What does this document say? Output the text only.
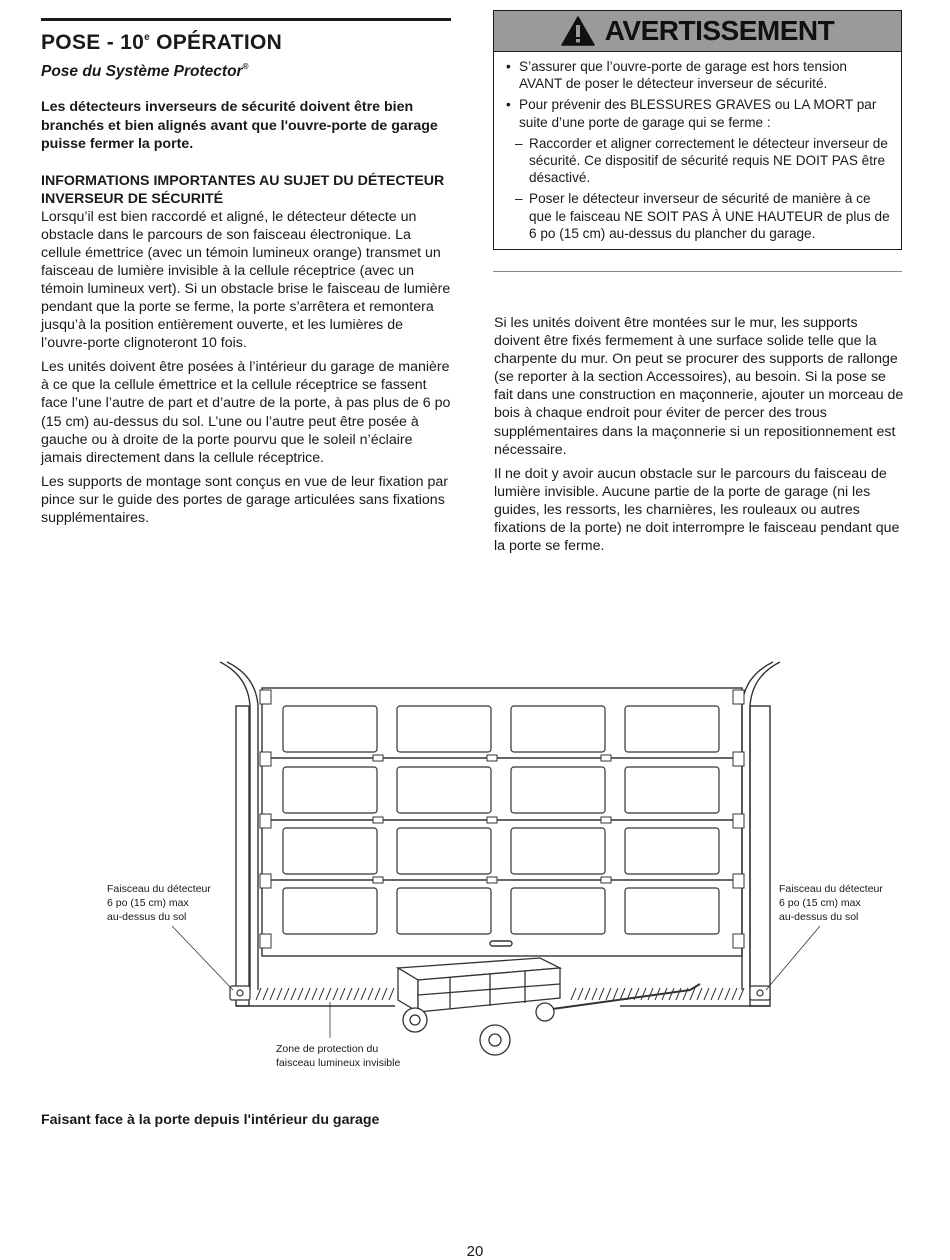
POSE - 10e OPÉRATION
Pose du Système Protector®
Les détecteurs inverseurs de sécurité doivent être bien branchés et bien alignés avant que l'ouvre-porte de garage puisse fermer la porte.
INFORMATIONS IMPORTANTES AU SUJET DU DÉTECTEUR INVERSEUR DE SÉCURITÉ

Lorsqu’il est bien raccordé et aligné, le détecteur détecte un obstacle dans le parcours de son faisceau électronique. La cellule émettrice (avec un témoin lumineux orange) transmet un faisceau de lumière invisible à la cellule réceptrice (avec un témoin lumineux vert). Si un obstacle brise le faisceau de lumière pendant que la porte se ferme, la porte s’arrêtera et remontera jusqu’à la position entièrement ouverte, et les lumières de l’ouvre-porte clignoteront 10 fois.

Les unités doivent être posées à l’intérieur du garage de manière à ce que la cellule émettrice et la cellule réceptrice se fassent face l’une l’autre de part et d’autre de la porte, à pas plus de 6 po (15 cm) au-dessus du sol. L’une ou l’autre peut être posée à gauche ou à droite de la porte pourvu que le soleil n’éclaire jamais directement dans la cellule réceptrice.

Les supports de montage sont conçus en vue de leur fixation par pince sur le guide des portes de garage articulées sans fixations supplémentaires.

AVERTISSEMENT
• S’assurer que l’ouvre-porte de garage est hors tension AVANT de poser le détecteur inverseur de sécurité.
• Pour prévenir des BLESSURES GRAVES ou LA MORT par suite d’une porte de garage qui se ferme :
– Raccorder et aligner correctement le détecteur inverseur de sécurité. Ce dispositif de sécurité requis NE DOIT PAS être désactivé.
– Poser le détecteur inverseur de sécurité de manière à ce que le faisceau NE SOIT PAS À UNE HAUTEUR de plus de 6 po (15 cm) au-dessus du plancher du garage.

Si les unités doivent être montées sur le mur, les supports doivent être fixés fermement à une surface solide telle que la charpente du mur. On peut se procurer des supports de rallonge (se reporter à la section Accessoires), au besoin. Si la pose se fait dans une construction en maçonnerie, ajouter un morceau de bois à chaque endroit pour éviter de percer des trous supplémentaires dans la maçonnerie si un repositionnement est nécessaire.

Il ne doit y avoir aucun obstacle sur le parcours du faisceau de lumière invisible. Aucune partie de la porte de garage (ni les guides, les ressorts, les charnières, les rouleaux ou autres fixations de la porte) ne doit interrompre le faisceau pendant que la porte se ferme.

Faisceau du détecteur
6 po (15 cm) max
au-dessus du sol
Faisceau du détecteur
6 po (15 cm) max
au-dessus du sol
Zone de protection du
faisceau lumineux invisible
Faisant face à la porte depuis l'intérieur du garage
20
